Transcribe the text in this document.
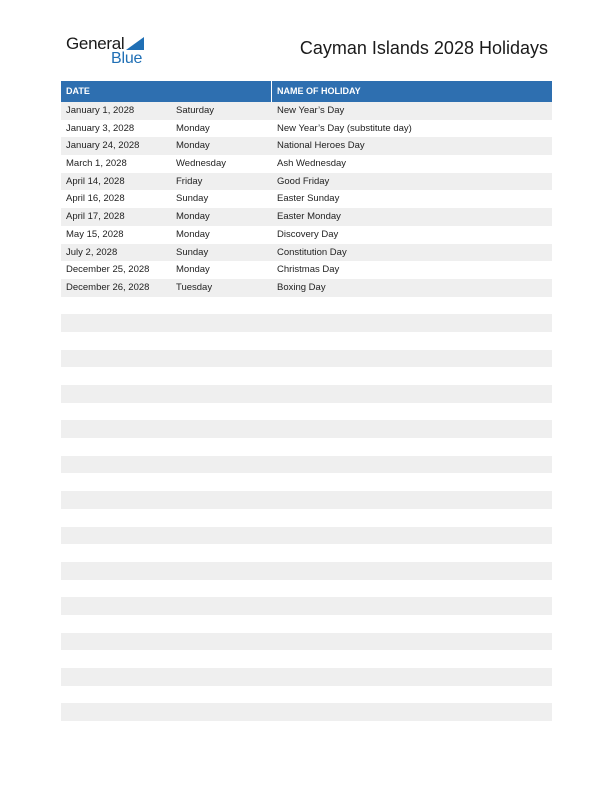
General
Blue
Cayman Islands 2028 Holidays
DATE	NAME OF HOLIDAY
January 1, 2028	Saturday	New Year’s Day
January 3, 2028	Monday	New Year’s Day (substitute day)
January 24, 2028	Monday	National Heroes Day
March 1, 2028	Wednesday	Ash Wednesday
April 14, 2028	Friday	Good Friday
April 16, 2028	Sunday	Easter Sunday
April 17, 2028	Monday	Easter Monday
May 15, 2028	Monday	Discovery Day
July 2, 2028	Sunday	Constitution Day
December 25, 2028	Monday	Christmas Day
December 26, 2028	Tuesday	Boxing Day
